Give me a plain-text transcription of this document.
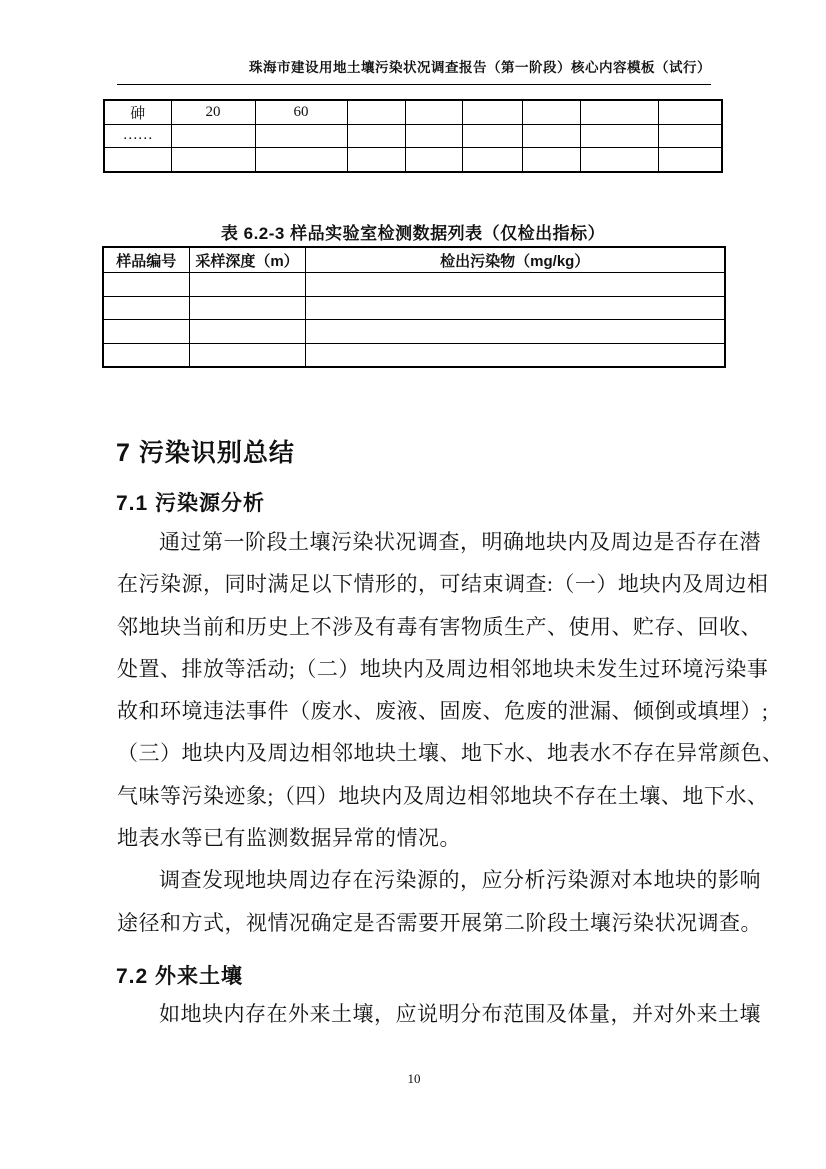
珠海市建设用地土壤污染状况调查报告（第一阶段）核心内容模板（试行）
砷	20	60						
……								

表 6.2-3 样品实验室检测数据列表（仅检出指标）
样品编号	采样深度（m）	检出污染物（mg/kg）

7 污染识别总结
7.1 污染源分析
通过第一阶段土壤污染状况调查，明确地块内及周边是否存在潜
在污染源，同时满足以下情形的，可结束调查:（一）地块内及周边相
邻地块当前和历史上不涉及有毒有害物质生产、使用、贮存、回收、
处置、排放等活动;（二）地块内及周边相邻地块未发生过环境污染事
故和环境违法事件（废水、废液、固废、危废的泄漏、倾倒或填埋）;
（三）地块内及周边相邻地块土壤、地下水、地表水不存在异常颜色、
气味等污染迹象;（四）地块内及周边相邻地块不存在土壤、地下水、
地表水等已有监测数据异常的情况。
调查发现地块周边存在污染源的，应分析污染源对本地块的影响
途径和方式，视情况确定是否需要开展第二阶段土壤污染状况调查。
7.2 外来土壤
如地块内存在外来土壤，应说明分布范围及体量，并对外来土壤
10
